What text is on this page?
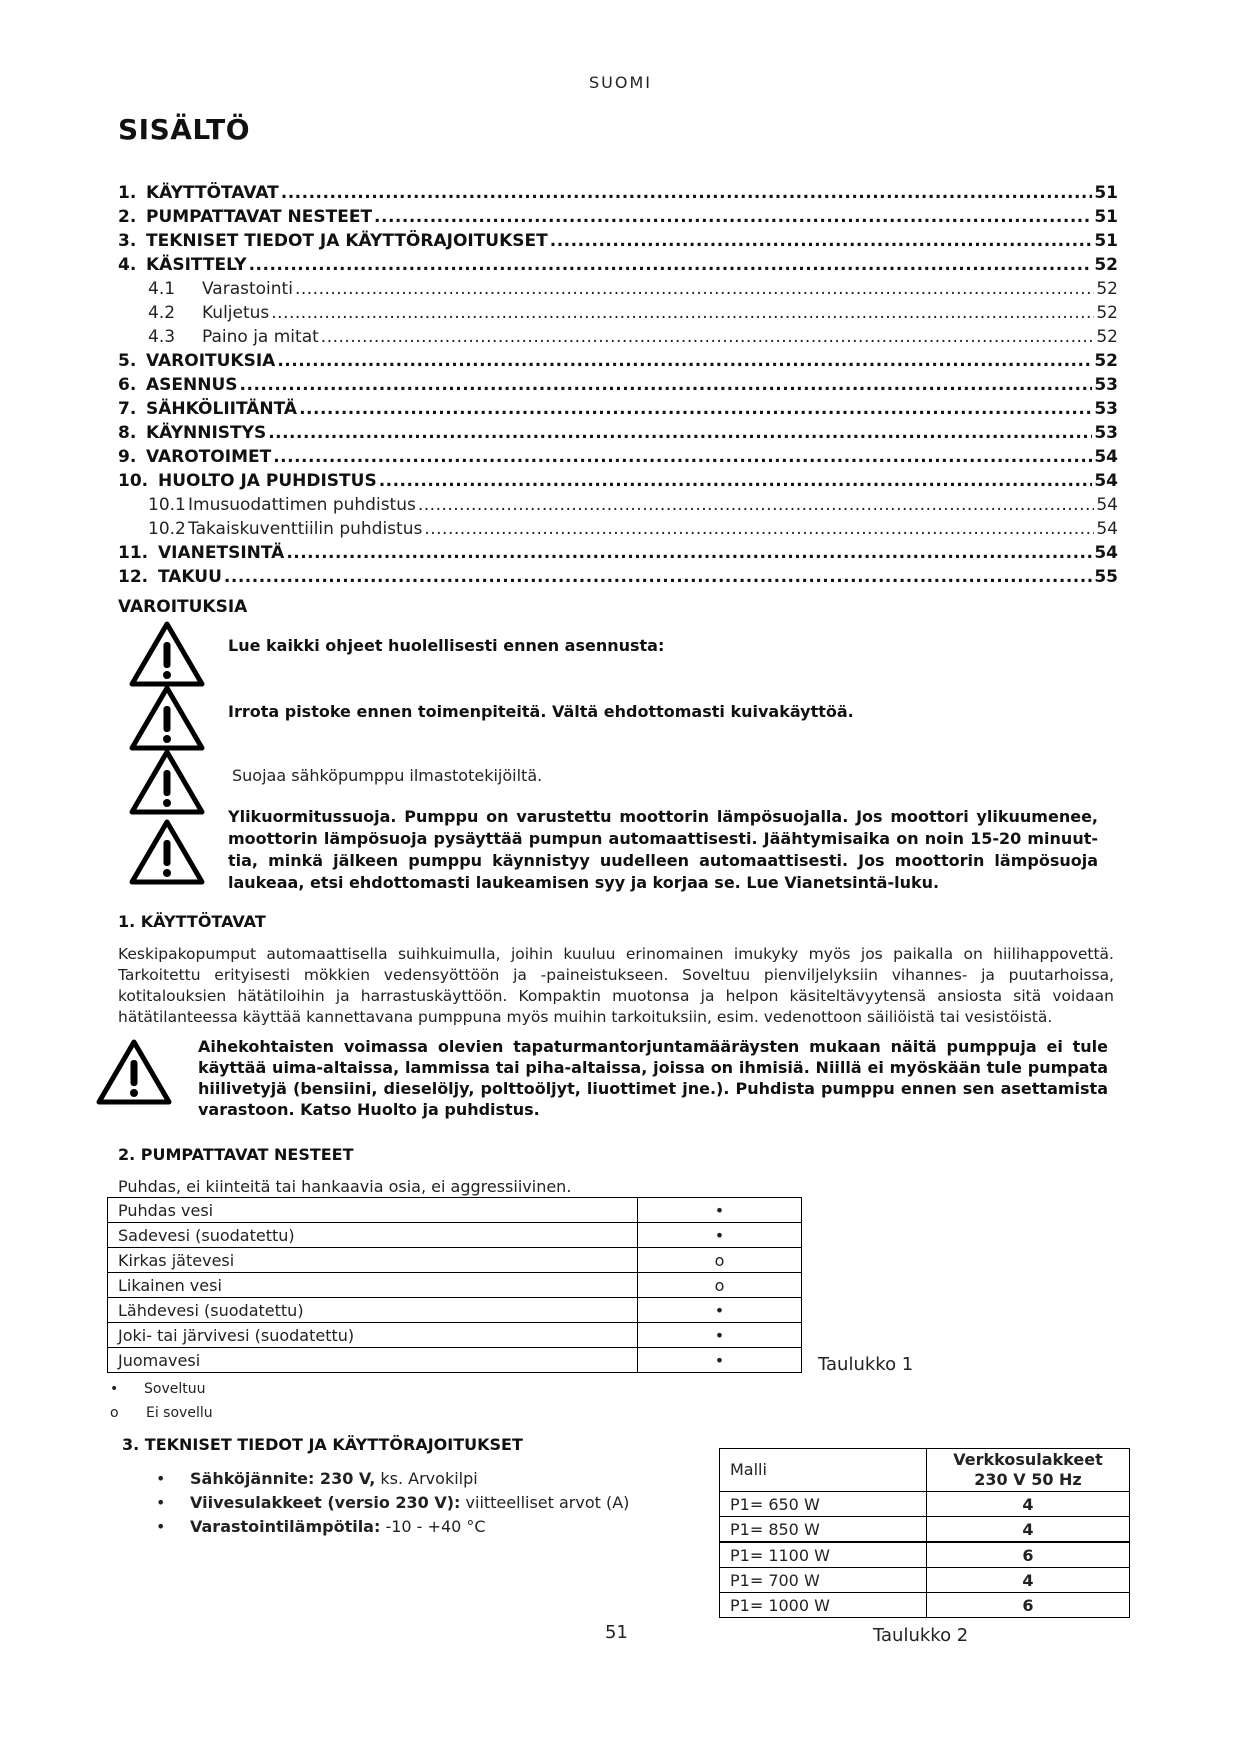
SUOMI
SISÄLTÖ
1. KÄYTTÖTAVAT .....	51
2. PUMPATTAVAT NESTEET .....	51
3. TEKNISET TIEDOT JA KÄYTTÖRAJOITUKSET .....	51
4. KÄSITTELY .....	52
4.1	Varastointi .....	52
4.2	Kuljetus .....	52
4.3	Paino ja mitat .....	52
5. VAROITUKSIA .....	52
6. ASENNUS .....	53
7. SÄHKÖLIITÄNTÄ .....	53
8. KÄYNNISTYS .....	53
9. VAROTOIMET .....	54
10. HUOLTO JA PUHDISTUS .....	54
10.1 Imusuodattimen puhdistus .....	54
10.2 Takaiskuventtiilin puhdistus .....	54
11. VIANETSINTÄ .....	54
12. TAKUU .....	55
VAROITUKSIA
Lue kaikki ohjeet huolellisesti ennen asennusta:
Irrota pistoke ennen toimenpiteitä. Vältä ehdottomasti kuivakäyttöä.
Suojaa sähköpumppu ilmastotekijöiltä.
Ylikuormitussuoja. Pumppu on varustettu moottorin lämpösuojalla. Jos moottori ylikuumenee, moottorin lämpösuoja pysäyttää pumpun automaattisesti. Jäähtymisaika on noin 15-20 minuut-tia, minkä jälkeen pumppu käynnistyy uudelleen automaattisesti. Jos moottorin lämpösuoja laukeaa, etsi ehdottomasti laukeamisen syy ja korjaa se. Lue Vianetsintä-luku.
1. KÄYTTÖTAVAT
Keskipakopumput automaattisella suihkuimulla, joihin kuuluu erinomainen imukyky myös jos paikalla on hiilihappovettä. Tarkoitettu erityisesti mökkien vedensyöttöön ja -paineistukseen. Soveltuu pienviljelyksiin vihannes- ja puutarhoissa, kotitalouksien hätätiloihin ja harrastuskäyttöön. Kompaktin muotonsa ja helpon käsiteltävyytensä ansiosta sitä voidaan hätätilanteessa käyttää kannettavana pumppuna myös muihin tarkoituksiin, esim. vedenottoon säiliöistä tai vesistöistä.
Aihekohtaisten voimassa olevien tapaturmantorjuntamääräysten mukaan näitä pumppuja ei tule käyttää uima-altaissa, lammissa tai piha-altaissa, joissa on ihmisiä. Niillä ei myöskään tule pumpata hiilivetyjä (bensiini, dieselöljy, polttoöljyt, liuottimet jne.). Puhdista pumppu ennen sen asettamista varastoon. Katso Huolto ja puhdistus.
2. PUMPATTAVAT NESTEET
Puhdas, ei kiinteitä tai hankaavia osia, ei aggressiivinen.
Puhdas vesi	•
Sadevesi (suodatettu)	•
Kirkas jätevesi	o
Likainen vesi	o
Lähdevesi (suodatettu)	•
Joki- tai järvivesi (suodatettu)	•
Juomavesi	•	Taulukko 1
• Soveltuu
o Ei sovellu
3. TEKNISET TIEDOT JA KÄYTTÖRAJOITUKSET
• Sähköjännite: 230 V, ks. Arvokilpi
• Viivesulakkeet (versio 230 V): viitteelliset arvot (A)
• Varastointilämpötila: -10 - +40 °C
Malli	Verkkosulakkeet
230 V 50 Hz

P1= 650 W	4
P1= 850 W	4
P1= 1100 W	6
P1= 700 W	4
P1= 1000 W	6
Taulukko 2
51
